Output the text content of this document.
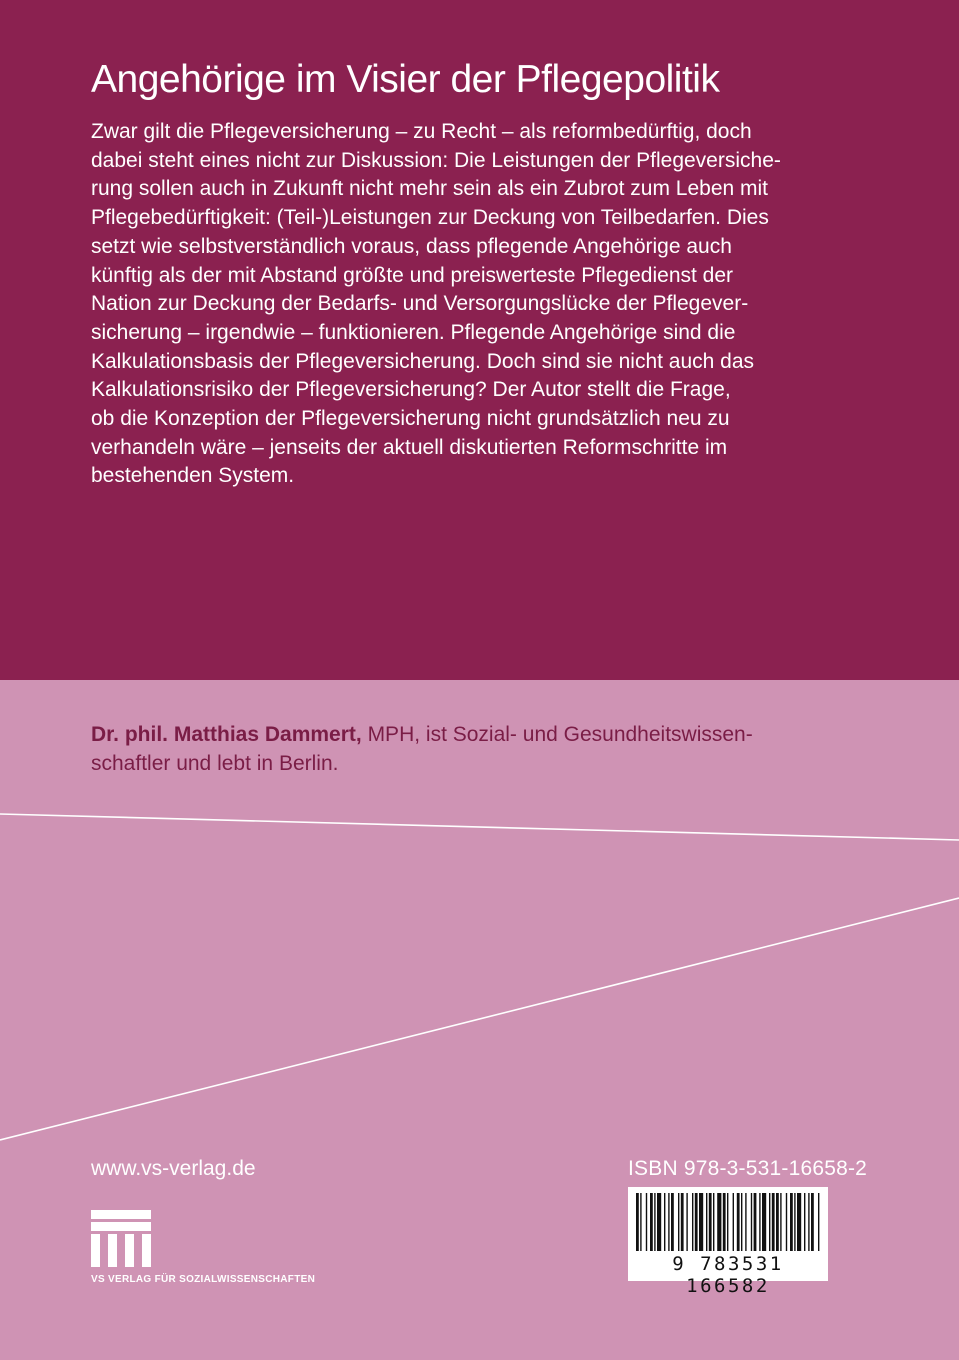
Angehörige im Visier der Pflegepolitik
Zwar gilt die Pflegeversicherung – zu Recht – als reformbedürftig, doch
dabei steht eines nicht zur Diskussion: Die Leistungen der Pflegeversiche-
rung sollen auch in Zukunft nicht mehr sein als ein Zubrot zum Leben mit
Pflegebedürftigkeit: (Teil-)Leistungen zur Deckung von Teilbedarfen. Dies
setzt wie selbstverständlich voraus, dass pflegende Angehörige auch
künftig als der mit Abstand größte und preiswerteste Pflegedienst der
Nation zur Deckung der Bedarfs- und Versorgungslücke der Pflegever-
sicherung – irgendwie – funktionieren. Pflegende Angehörige sind die
Kalkulationsbasis der Pflegeversicherung. Doch sind sie nicht auch das
Kalkulationsrisiko der Pflegeversicherung? Der Autor stellt die Frage,
ob die Konzeption der Pflegeversicherung nicht grundsätzlich neu zu
verhandeln wäre – jenseits der aktuell diskutierten Reformschritte im
bestehenden System.
Dr. phil. Matthias Dammert, MPH, ist Sozial- und Gesundheitswissen-
schaftler und lebt in Berlin.
www.vs-verlag.de
VS VERLAG FÜR SOZIALWISSENSCHAFTEN
ISBN 978-3-531-16658-2
9 783531 166582
